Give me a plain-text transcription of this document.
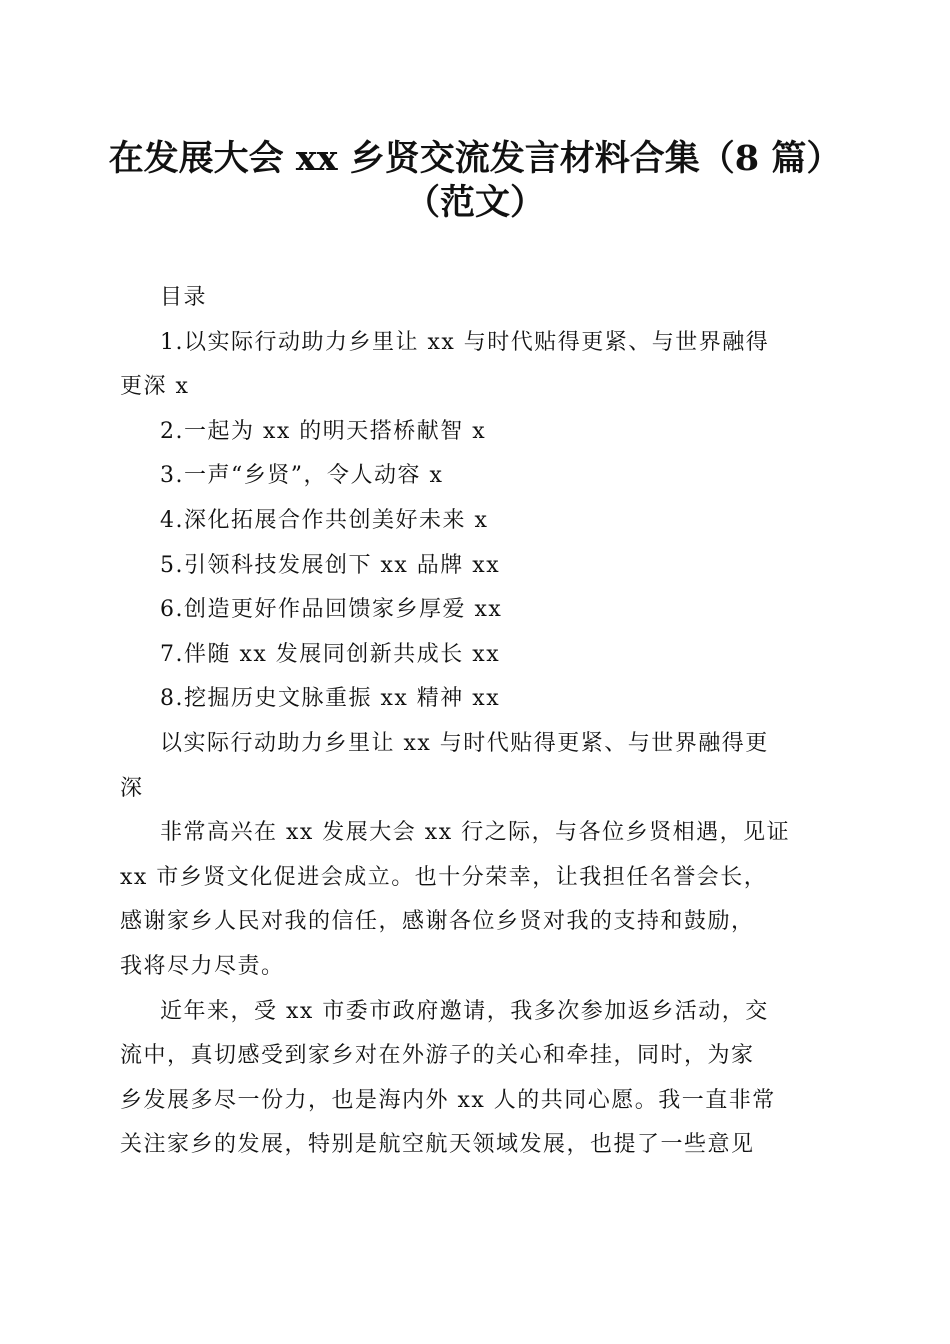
在发展大会 xx 乡贤交流发言材料合集（8 篇）
（范文）
目录
1.以实际行动助力乡里让 xx 与时代贴得更紧、与世界融得
更深 x
2.一起为 xx 的明天搭桥献智 x
3.一声“乡贤”，令人动容 x
4.深化拓展合作共创美好未来 x
5.引领科技发展创下 xx 品牌 xx
6.创造更好作品回馈家乡厚爱 xx
7.伴随 xx 发展同创新共成长 xx
8.挖掘历史文脉重振 xx 精神 xx
以实际行动助力乡里让 xx 与时代贴得更紧、与世界融得更
深
非常高兴在 xx 发展大会 xx 行之际，与各位乡贤相遇，见证
xx 市乡贤文化促进会成立。也十分荣幸，让我担任名誉会长，
感谢家乡人民对我的信任，感谢各位乡贤对我的支持和鼓励，
我将尽力尽责。
近年来，受 xx 市委市政府邀请，我多次参加返乡活动，交
流中，真切感受到家乡对在外游子的关心和牵挂，同时，为家
乡发展多尽一份力，也是海内外 xx 人的共同心愿。我一直非常
关注家乡的发展，特别是航空航天领域发展，也提了一些意见
